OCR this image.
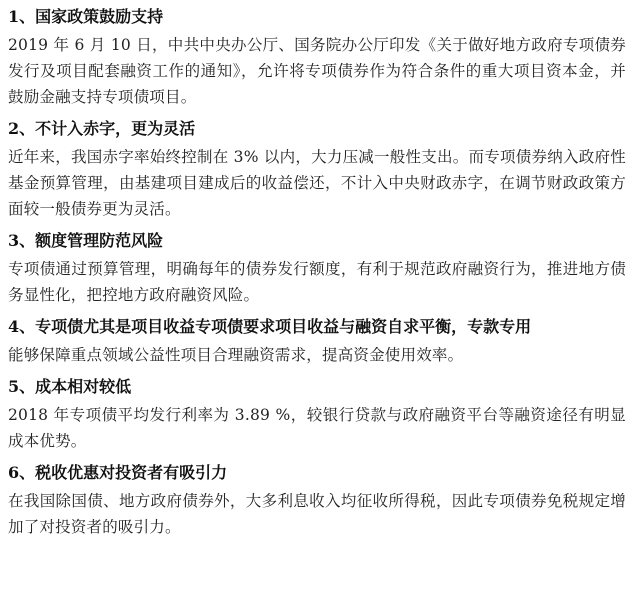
1、国家政策鼓励支持
2019 年 6 月 10 日，中共中央办公厅、国务院办公厅印发《关于做好地方政府专项债券发行及项目配套融资工作的通知》，允许将专项债券作为符合条件的重大项目资本金，并鼓励金融支持专项债项目。
2、不计入赤字，更为灵活
近年来，我国赤字率始终控制在 3% 以内，大力压减一般性支出。而专项债券纳入政府性基金预算管理，由基建项目建成后的收益偿还，不计入中央财政赤字，在调节财政政策方面较一般债券更为灵活。
3、额度管理防范风险
专项债通过预算管理，明确每年的债券发行额度，有利于规范政府融资行为，推进地方债务显性化，把控地方政府融资风险。
4、专项债尤其是项目收益专项债要求项目收益与融资自求平衡，专款专用
能够保障重点领域公益性项目合理融资需求，提高资金使用效率。
5、成本相对较低
2018 年专项债平均发行利率为 3.89 %，较银行贷款与政府融资平台等融资途径有明显成本优势。
6、税收优惠对投资者有吸引力
在我国除国债、地方政府债券外，大多利息收入均征收所得税，因此专项债券免税规定增加了对投资者的吸引力。
